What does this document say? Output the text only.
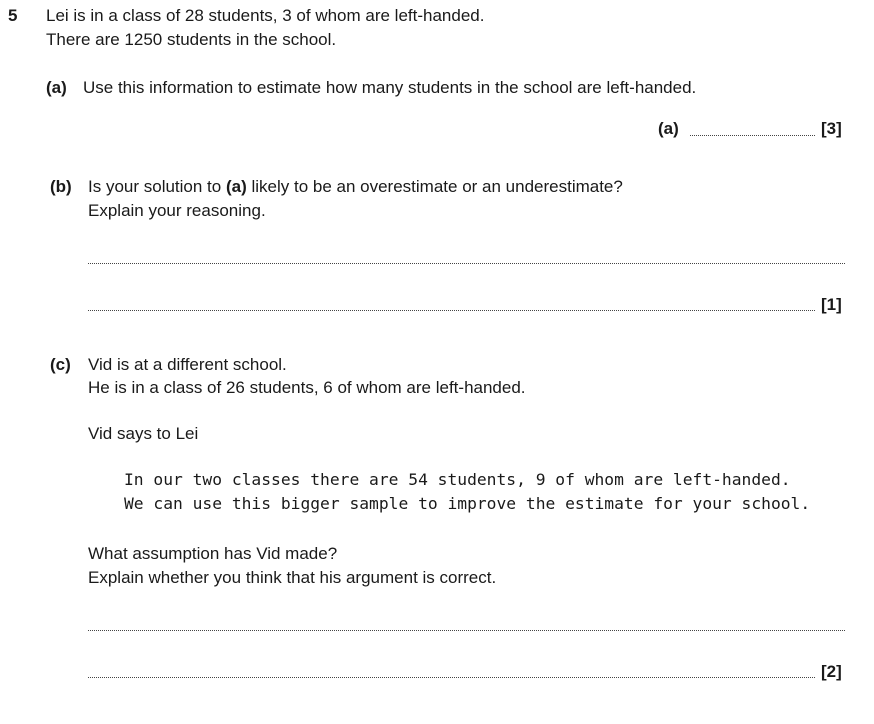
5 Lei is in a class of 28 students, 3 of whom are left-handed.
There are 1250 students in the school.
(a) Use this information to estimate how many students in the school are left-handed.
(a)	[3]
(b) Is your solution to (a) likely to be an overestimate or an underestimate?
Explain your reasoning.
[1]
(c) Vid is at a different school.
He is in a class of 26 students, 6 of whom are left-handed.
Vid says to Lei
In our two classes there are 54 students, 9 of whom are left-handed.
We can use this bigger sample to improve the estimate for your school.
What assumption has Vid made?
Explain whether you think that his argument is correct.
[2]
